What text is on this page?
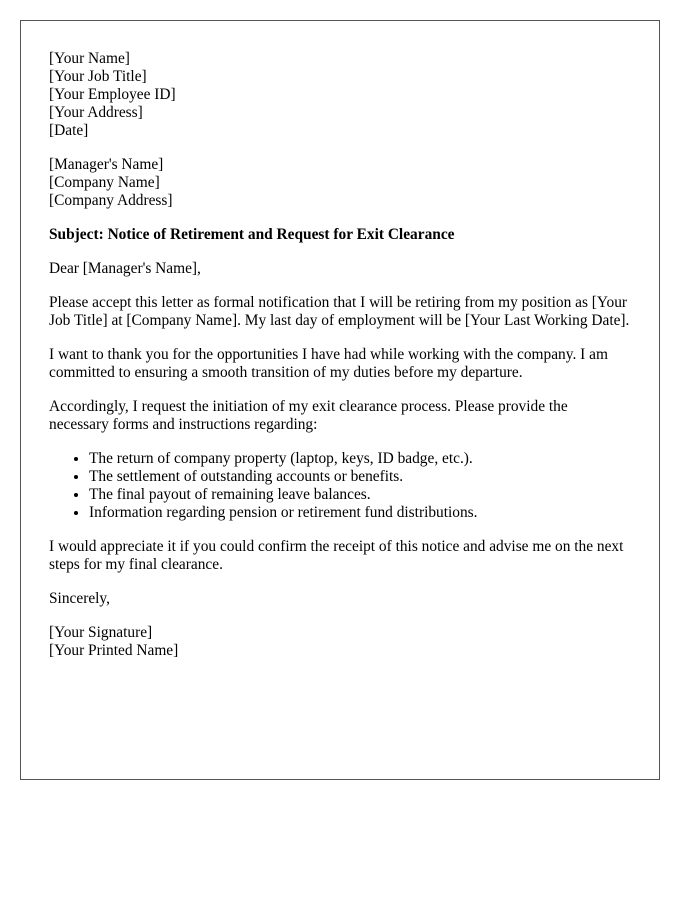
[Your Name]
[Your Job Title]
[Your Employee ID]
[Your Address]
[Date]
[Manager's Name]
[Company Name]
[Company Address]
Subject: Notice of Retirement and Request for Exit Clearance

Dear [Manager's Name],

Please accept this letter as formal notification that I will be retiring from my position as [Your Job Title] at [Company Name]. My last day of employment will be [Your Last Working Date].

I want to thank you for the opportunities I have had while working with the company. I am committed to ensuring a smooth transition of my duties before my departure.

Accordingly, I request the initiation of my exit clearance process. Please provide the necessary forms and instructions regarding:

• The return of company property (laptop, keys, ID badge, etc.).
• The settlement of outstanding accounts or benefits.
• The final payout of remaining leave balances.
• Information regarding pension or retirement fund distributions.

I would appreciate it if you could confirm the receipt of this notice and advise me on the next steps for my final clearance.

Sincerely,

[Your Signature]
[Your Printed Name]
